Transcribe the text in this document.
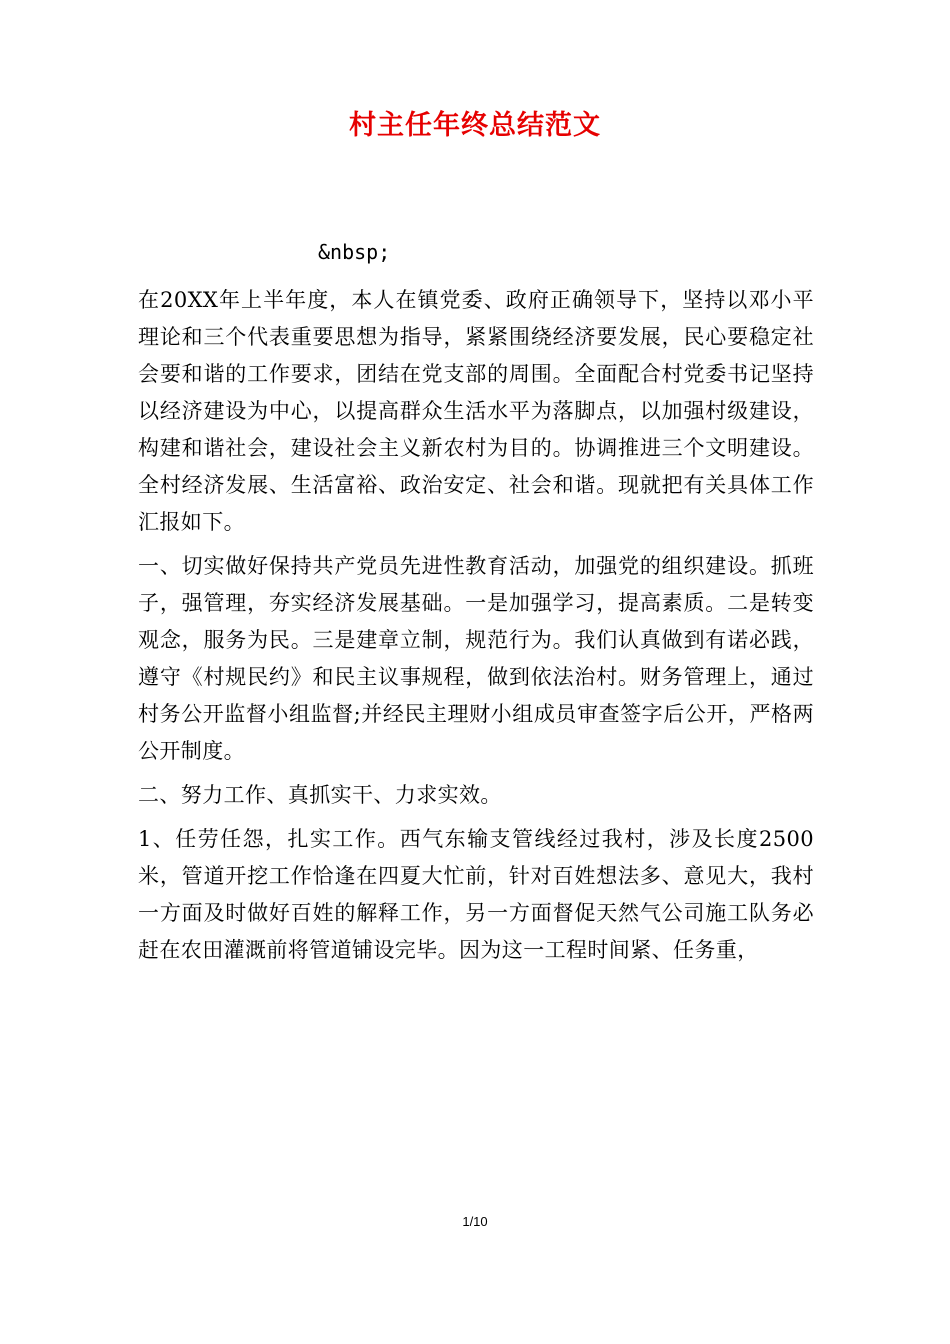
村主任年终总结范文
&nbsp;

在20XX年上半年度，本人在镇党委、政府正确领导下，坚持以邓小平理论和三个代表重要思想为指导，紧紧围绕经济要发展，民心要稳定社会要和谐的工作要求，团结在党支部的周围。全面配合村党委书记坚持以经济建设为中心，以提高群众生活水平为落脚点，以加强村级建设，构建和谐社会，建设社会主义新农村为目的。协调推进三个文明建设。全村经济发展、生活富裕、政治安定、社会和谐。现就把有关具体工作汇报如下。

一、切实做好保持共产党员先进性教育活动，加强党的组织建设。抓班子，强管理，夯实经济发展基础。一是加强学习，提高素质。二是转变观念，服务为民。三是建章立制，规范行为。我们认真做到有诺必践，遵守《村规民约》和民主议事规程，做到依法治村。财务管理上，通过村务公开监督小组监督;并经民主理财小组成员审查签字后公开，严格两公开制度。

二、努力工作、真抓实干、力求实效。

1、任劳任怨，扎实工作。西气东输支管线经过我村，涉及长度2500米，管道开挖工作恰逢在四夏大忙前，针对百姓想法多、意见大，我村一方面及时做好百姓的解释工作，另一方面督促天然气公司施工队务必赶在农田灌溉前将管道铺设完毕。因为这一工程时间紧、任务重，

1/10
